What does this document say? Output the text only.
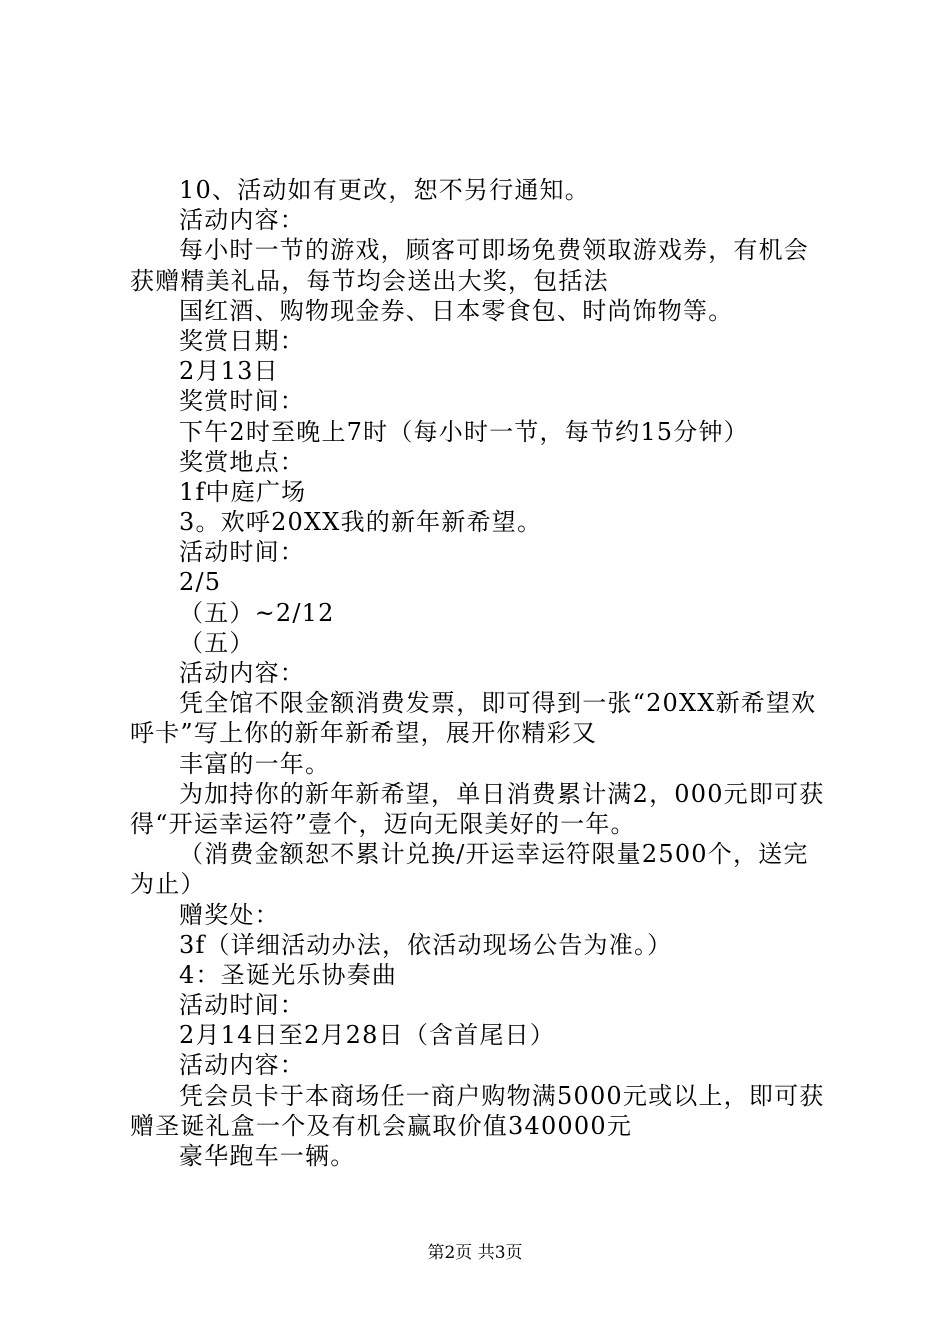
10、活动如有更改，恕不另行通知。
活动内容：
每小时一节的游戏，顾客可即场免费领取游戏券，有机会
获赠精美礼品，每节均会送出大奖，包括法
国红酒、购物现金券、日本零食包、时尚饰物等。
奖赏日期：
2月13日
奖赏时间：
下午2时至晚上7时（每小时一节，每节约15分钟）
奖赏地点：
1f中庭广场
3。欢呼20XX我的新年新希望。
活动时间：
2/5
（五）~2/12
（五）
活动内容：
凭全馆不限金额消费发票，即可得到一张“20XX新希望欢
呼卡”写上你的新年新希望，展开你精彩又
丰富的一年。
为加持你的新年新希望，单日消费累计满2，000元即可获
得“开运幸运符”壹个，迈向无限美好的一年。
（消费金额恕不累计兑换/开运幸运符限量2500个，送完
为止）
赠奖处：
3f（详细活动办法，依活动现场公告为准。）
4：圣诞光乐协奏曲
活动时间：
2月14日至2月28日（含首尾日）
活动内容：
凭会员卡于本商场任一商户购物满5000元或以上，即可获
赠圣诞礼盒一个及有机会赢取价值340000元
豪华跑车一辆。
第2页 共3页
